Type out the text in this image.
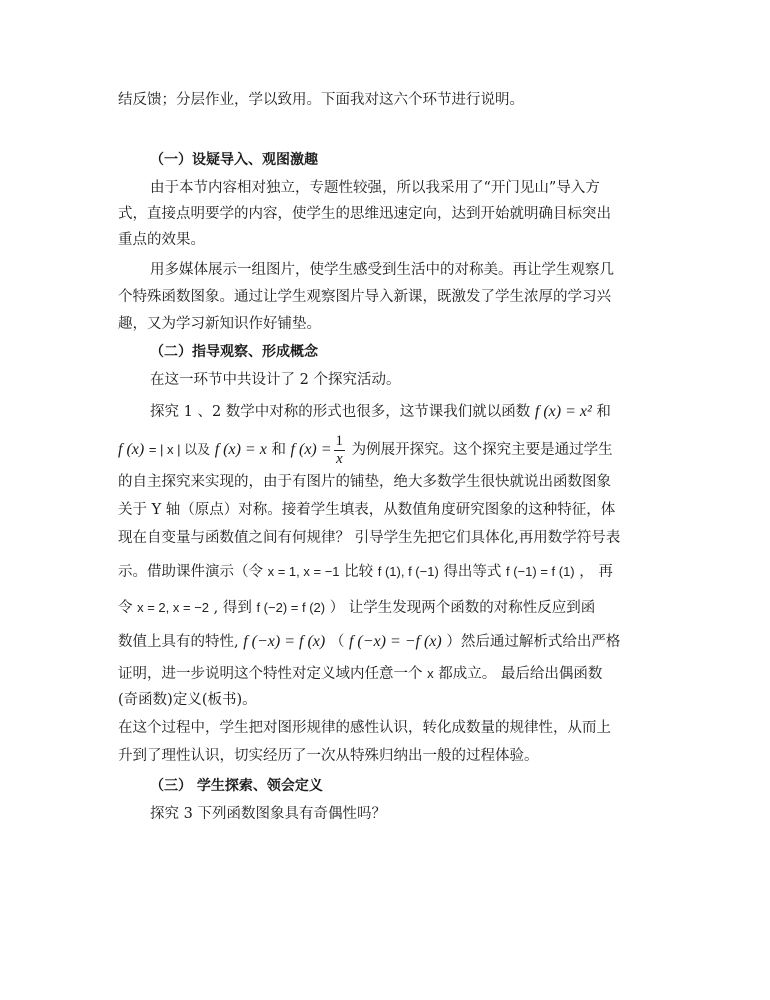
结反馈；分层作业，学以致用。下面我对这六个环节进行说明。
（一）设疑导入、观图激趣
由于本节内容相对独立，专题性较强，所以我采用了“开门见山”导入方
式，直接点明要学的内容，使学生的思维迅速定向，达到开始就明确目标突出
重点的效果。
用多媒体展示一组图片，使学生感受到生活中的对称美。再让学生观察几
个特殊函数图象。通过让学生观察图片导入新课，既激发了学生浓厚的学习兴
趣，又为学习新知识作好铺垫。
（二）指导观察、形成概念
在这一环节中共设计了 2 个探究活动。
探究 1 、2 数学中对称的形式也很多，这节课我们就以函数 f (x) = x² 和
f (x) = | x | 以及 f (x) = x 和 f $(x) = \frac{1}{x}$ 为例展开探究。这个探究主要是通过学生
的自主探究来实现的，由于有图片的铺垫，绝大多数学生很快就说出函数图象
关于 Y 轴（原点）对称。接着学生填表，从数值角度研究图象的这种特征，体
现在自变量与函数值之间有何规律？ 引导学生先把它们具体化,再用数学符号表
示。借助课件演示（令 x = 1, x = −1 比较 f (1), f (−1) 得出等式 f (−1) = f (1) ， 再
令 x = 2, x = −2 , 得到 f (−2) = f (2) ） 让学生发现两个函数的对称性反应到函
数值上具有的特性, f (−x) = f (x) （ f (−x) = −f (x) ）然后通过解析式给出严格
证明，进一步说明这个特性对定义域内任意一个 x 都成立。 最后给出偶函数
(奇函数)定义(板书)。
在这个过程中，学生把对图形规律的感性认识，转化成数量的规律性，从而上
升到了理性认识，切实经历了一次从特殊归纳出一般的过程体验。
（三） 学生探索、领会定义
探究 3 下列函数图象具有奇偶性吗？
